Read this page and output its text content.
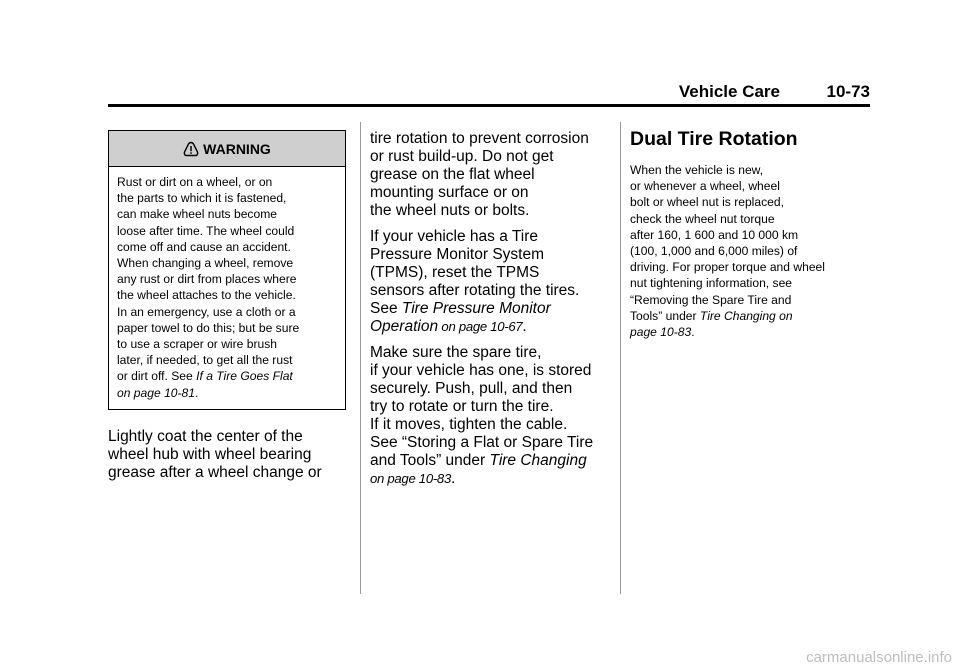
Vehicle Care	10-73
WARNING
Rust or dirt on a wheel, or on
the parts to which it is fastened,
can make wheel nuts become
loose after time. The wheel could
come off and cause an accident.
When changing a wheel, remove
any rust or dirt from places where
the wheel attaches to the vehicle.
In an emergency, use a cloth or a
paper towel to do this; but be sure
to use a scraper or wire brush
later, if needed, to get all the rust
or dirt off. See If a Tire Goes Flat
on page 10-81.
Lightly coat the center of the
wheel hub with wheel bearing
grease after a wheel change or

tire rotation to prevent corrosion
or rust build-up. Do not get
grease on the flat wheel
mounting surface or on
the wheel nuts or bolts.

If your vehicle has a Tire
Pressure Monitor System
(TPMS), reset the TPMS
sensors after rotating the tires.
See Tire Pressure Monitor
Operation on page 10-67.

Make sure the spare tire,
if your vehicle has one, is stored
securely. Push, pull, and then
try to rotate or turn the tire.
If it moves, tighten the cable.
See “Storing a Flat or Spare Tire
and Tools” under Tire Changing
on page 10-83.

Dual Tire Rotation
When the vehicle is new,
or whenever a wheel, wheel
bolt or wheel nut is replaced,
check the wheel nut torque
after 160, 1 600 and 10 000 km
(100, 1,000 and 6,000 miles) of
driving. For proper torque and wheel
nut tightening information, see
“Removing the Spare Tire and
Tools” under Tire Changing on
page 10-83.
carmanualsonline.info
